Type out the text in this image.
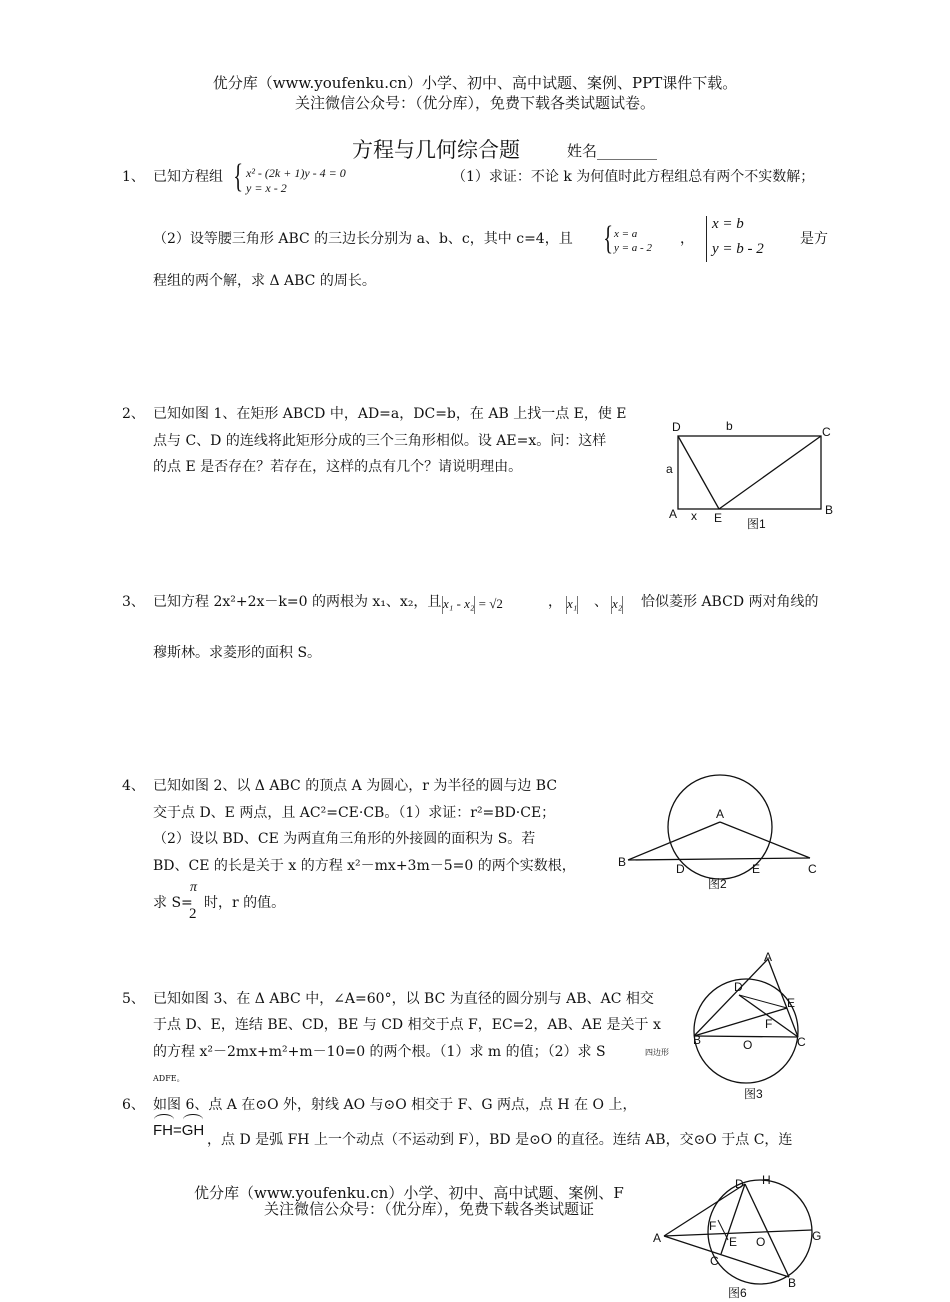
优分库（www.youfenku.cn）小学、初中、高中试题、案例、PPT课件下载。
关注微信公众号：（优分库），免费下载各类试题试卷。
方程与几何综合题	姓名________
1、 已知方程组 { x² - (2k + 1)y - 4 = 0
y = x - 2
（1）求证：不论 k 为何值时此方程组总有两个不实数解；
（2）设等腰三角形 ABC 的三边长分别为 a、b、c，其中 c=4，且 { x = a
y = a - 2
，
x = b
y = b - 2
是方
程组的两个解，求 Δ ABC 的周长。
2、 已知如图 1、在矩形 ABCD 中，AD=a，DC=b，在 AB 上找一点 E，使 E
点与 C、D 的连线将此矩形分成的三个三角形相似。设 AE=x。问：这样
的点 E 是否存在？若存在，这样的点有几个？请说明理由。
D	b	C
a
A x E
B
图1
3、 已知方程 2x²+2x－k=0 的两根为 x₁、x₂，且 x₁ - x₂ = √2	， x₁ 、 x₂ 恰似菱形 ABCD 两对角线的
穆斯林。求菱形的面积 S。
4、 已知如图 2、以 Δ ABC 的顶点 A 为圆心，r 为半径的圆与边 BC
交于点 D、E 两点，且 AC²=CE·CB。（1）求证：r²=BD·CE；
（2）设以 BD、CE 为两直角三角形的外接圆的面积为 S。若
BD、CE 的长是关于 x 的方程 x²－mx+3m－5=0 的两个实数根，
求 S=
π
2
时，r 的值。
A
B	D	E	C
图2
5、 已知如图 3、在 Δ ABC 中，∠A=60°，以 BC 为直径的圆分别与 AB、AC 相交
于点 D、E，连结 BE、CD，BE 与 CD 相交于点 F，EC=2，AB、AE 是关于 x
的方程 x²－2mx+m²+m－10=0 的两个根。（1）求 m 的值；（2）求 S	四边形
ADFE。
A
D
E
F
B	O	C
图3
6、 如图 6、点 A 在⊙O 外，射线 AO 与⊙O 相交于 F、G 两点，点 H 在 O 上，
FH=
GH
，点 D 是弧 FH 上一个动点（不运动到 F），BD 是⊙O 的直径。连结 AB，交⊙O 于点 C，连
优分库（www.youfenku.cn）小学、初中、高中试题、案例、F
关注微信公众号：（优分库），免费下载各类试题证
D H
F
A	E O	G
C
B
图6
